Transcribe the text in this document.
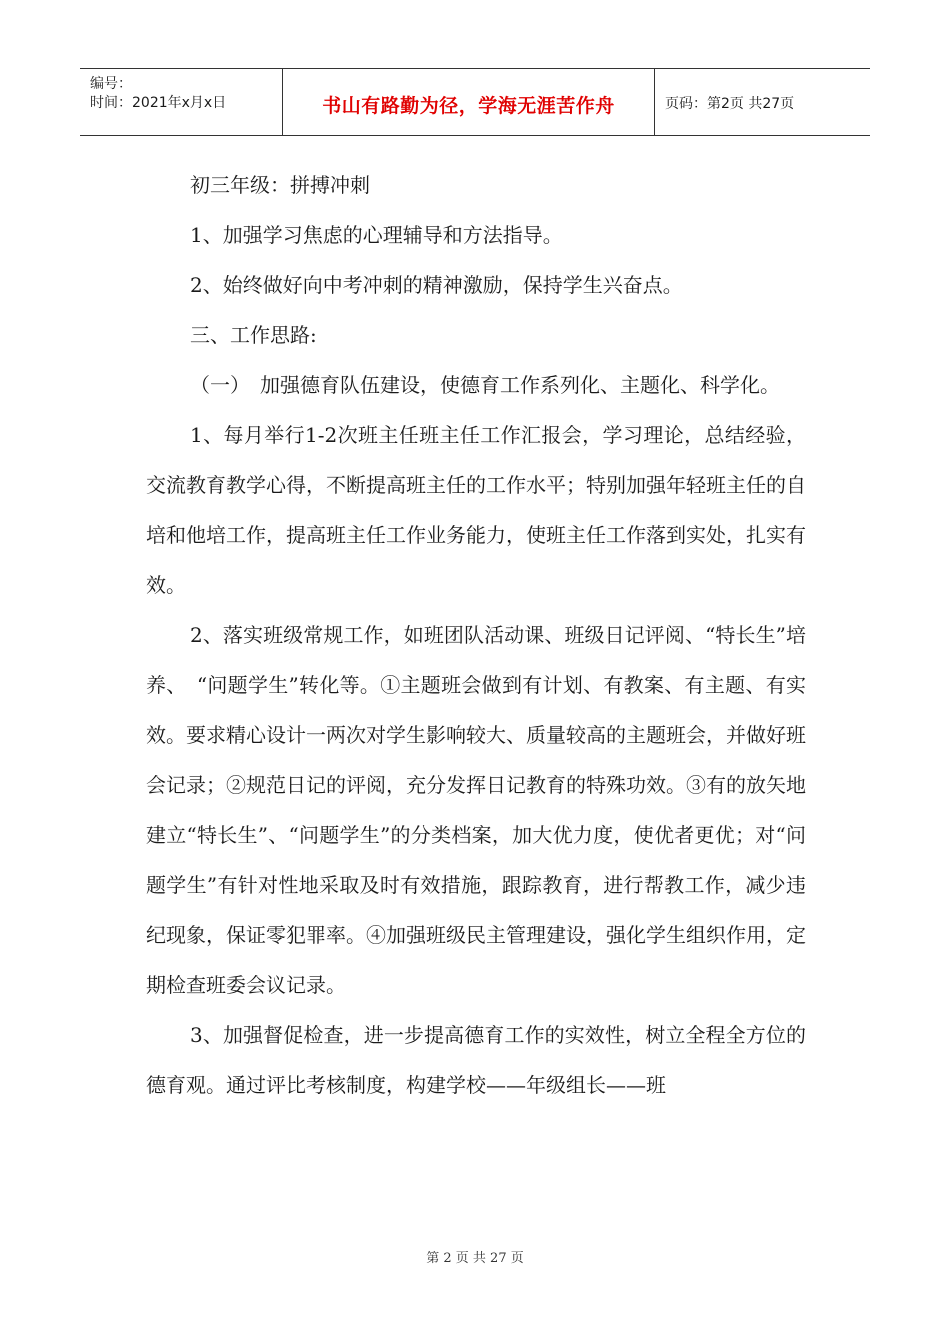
编号：
时间：2021年x月x日	书山有路勤为径，学海无涯苦作舟	页码：第2页 共27页

初三年级：拼搏冲刺

1、加强学习焦虑的心理辅导和方法指导。

2、始终做好向中考冲刺的精神激励，保持学生兴奋点。

三、工作思路:

（一）　加强德育队伍建设，使德育工作系列化、主题化、科学化。

1、每月举行1-2次班主任班主任工作汇报会，学习理论，总结经验，交流教育教学心得，不断提高班主任的工作水平；特别加强年轻班主任的自培和他培工作，提高班主任工作业务能力，使班主任工作落到实处，扎实有效。

2、落实班级常规工作，如班团队活动课、班级日记评阅、“特长生”培养、　“问题学生”转化等。①主题班会做到有计划、有教案、有主题、有实效。要求精心设计一两次对学生影响较大、质量较高的主题班会，并做好班会记录；②规范日记的评阅，充分发挥日记教育的特殊功效。③有的放矢地建立“特长生”、“问题学生”的分类档案，加大优力度，使优者更优；对“问题学生”有针对性地采取及时有效措施，跟踪教育，进行帮教工作，减少违纪现象，保证零犯罪率。④加强班级民主管理建设，强化学生组织作用，定期检查班委会议记录。

3、加强督促检查，进一步提高德育工作的实效性，树立全程全方位的德育观。通过评比考核制度，构建学校——年级组长——班

第 2 页 共 27 页
